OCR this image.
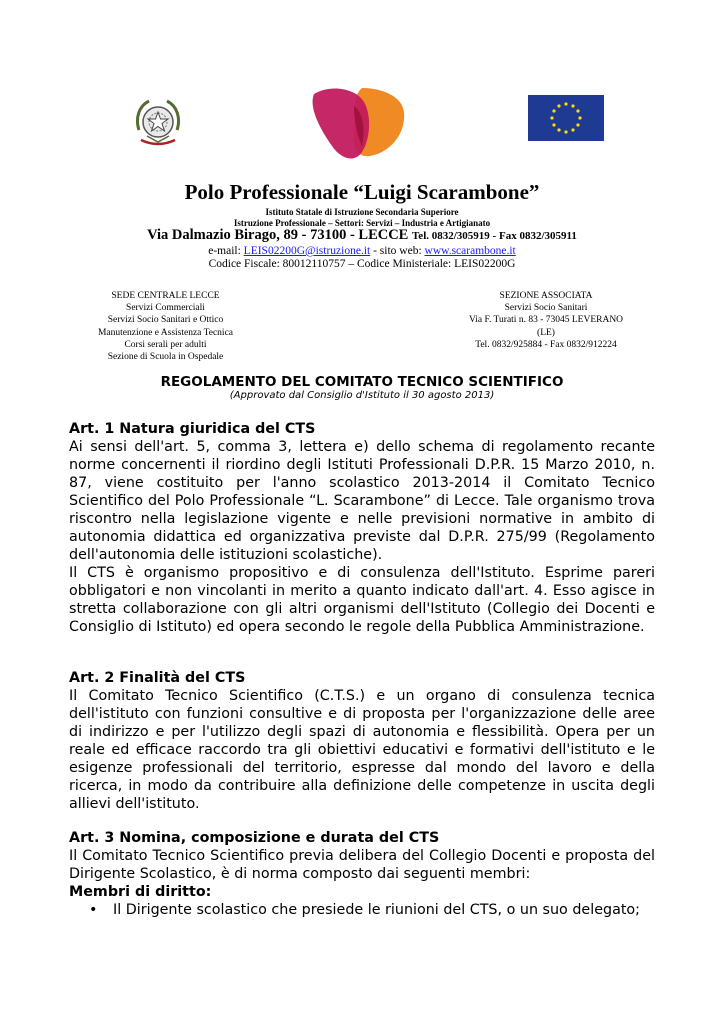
Polo Professionale “Luigi Scarambone”
Istituto Statale di Istruzione Secondaria Superiore
Istruzione Professionale – Settori: Servizi – Industria e Artigianato
Via Dalmazio Birago, 89 - 73100 - LECCE Tel. 0832/305919 - Fax 0832/305911
e-mail: LEIS02200G@istruzione.it - sito web: www.scarambone.it
Codice Fiscale: 80012110757 – Codice Ministeriale: LEIS02200G
SEDE CENTRALE LECCE
Servizi Commerciali
Servizi Socio Sanitari e Ottico
Manutenzione e Assistenza Tecnica
Corsi serali per adulti
Sezione di Scuola in Ospedale
SEZIONE ASSOCIATA
Servizi Socio Sanitari
Via F. Turati n. 83 - 73045 LEVERANO (LE)
Tel. 0832/925884 - Fax 0832/912224
REGOLAMENTO DEL COMITATO TECNICO SCIENTIFICO
(Approvato dal Consiglio d'Istituto il 30 agosto 2013)
Art. 1 Natura giuridica del CTS

Ai sensi dell'art. 5, comma 3, lettera e) dello schema di regolamento recante norme concernenti il riordino degli Istituti Professionali D.P.R. 15 Marzo 2010, n. 87, viene costituito per l'anno scolastico 2013-2014 il Comitato Tecnico Scientifico del Polo Professionale “L. Scarambone” di Lecce. Tale organismo trova riscontro nella legislazione vigente e nelle previsioni normative in ambito di autonomia didattica ed organizzativa previste dal D.P.R. 275/99 (Regolamento dell'autonomia delle istituzioni scolastiche).

Il CTS è organismo propositivo e di consulenza dell'Istituto. Esprime pareri obbligatori e non vincolanti in merito a quanto indicato dall'art. 4. Esso agisce in stretta collaborazione con gli altri organismi dell'Istituto (Collegio dei Docenti e Consiglio di Istituto) ed opera secondo le regole della Pubblica Amministrazione.

Art. 2 Finalità del CTS

Il Comitato Tecnico Scientifico (C.T.S.) e un organo di consulenza tecnica dell'istituto con funzioni consultive e di proposta per l'organizzazione delle aree di indirizzo e per l'utilizzo degli spazi di autonomia e flessibilità. Opera per un reale ed efficace raccordo tra gli obiettivi educativi e formativi dell'istituto e le esigenze professionali del territorio, espresse dal mondo del lavoro e della ricerca, in modo da contribuire alla definizione delle competenze in uscita degli allievi dell'istituto.

Art. 3 Nomina, composizione e durata del CTS

Il Comitato Tecnico Scientifico previa delibera del Collegio Docenti e proposta del Dirigente Scolastico, è di norma composto dai seguenti membri:

Membri di diritto:

• Il Dirigente scolastico che presiede le riunioni del CTS, o un suo delegato;
